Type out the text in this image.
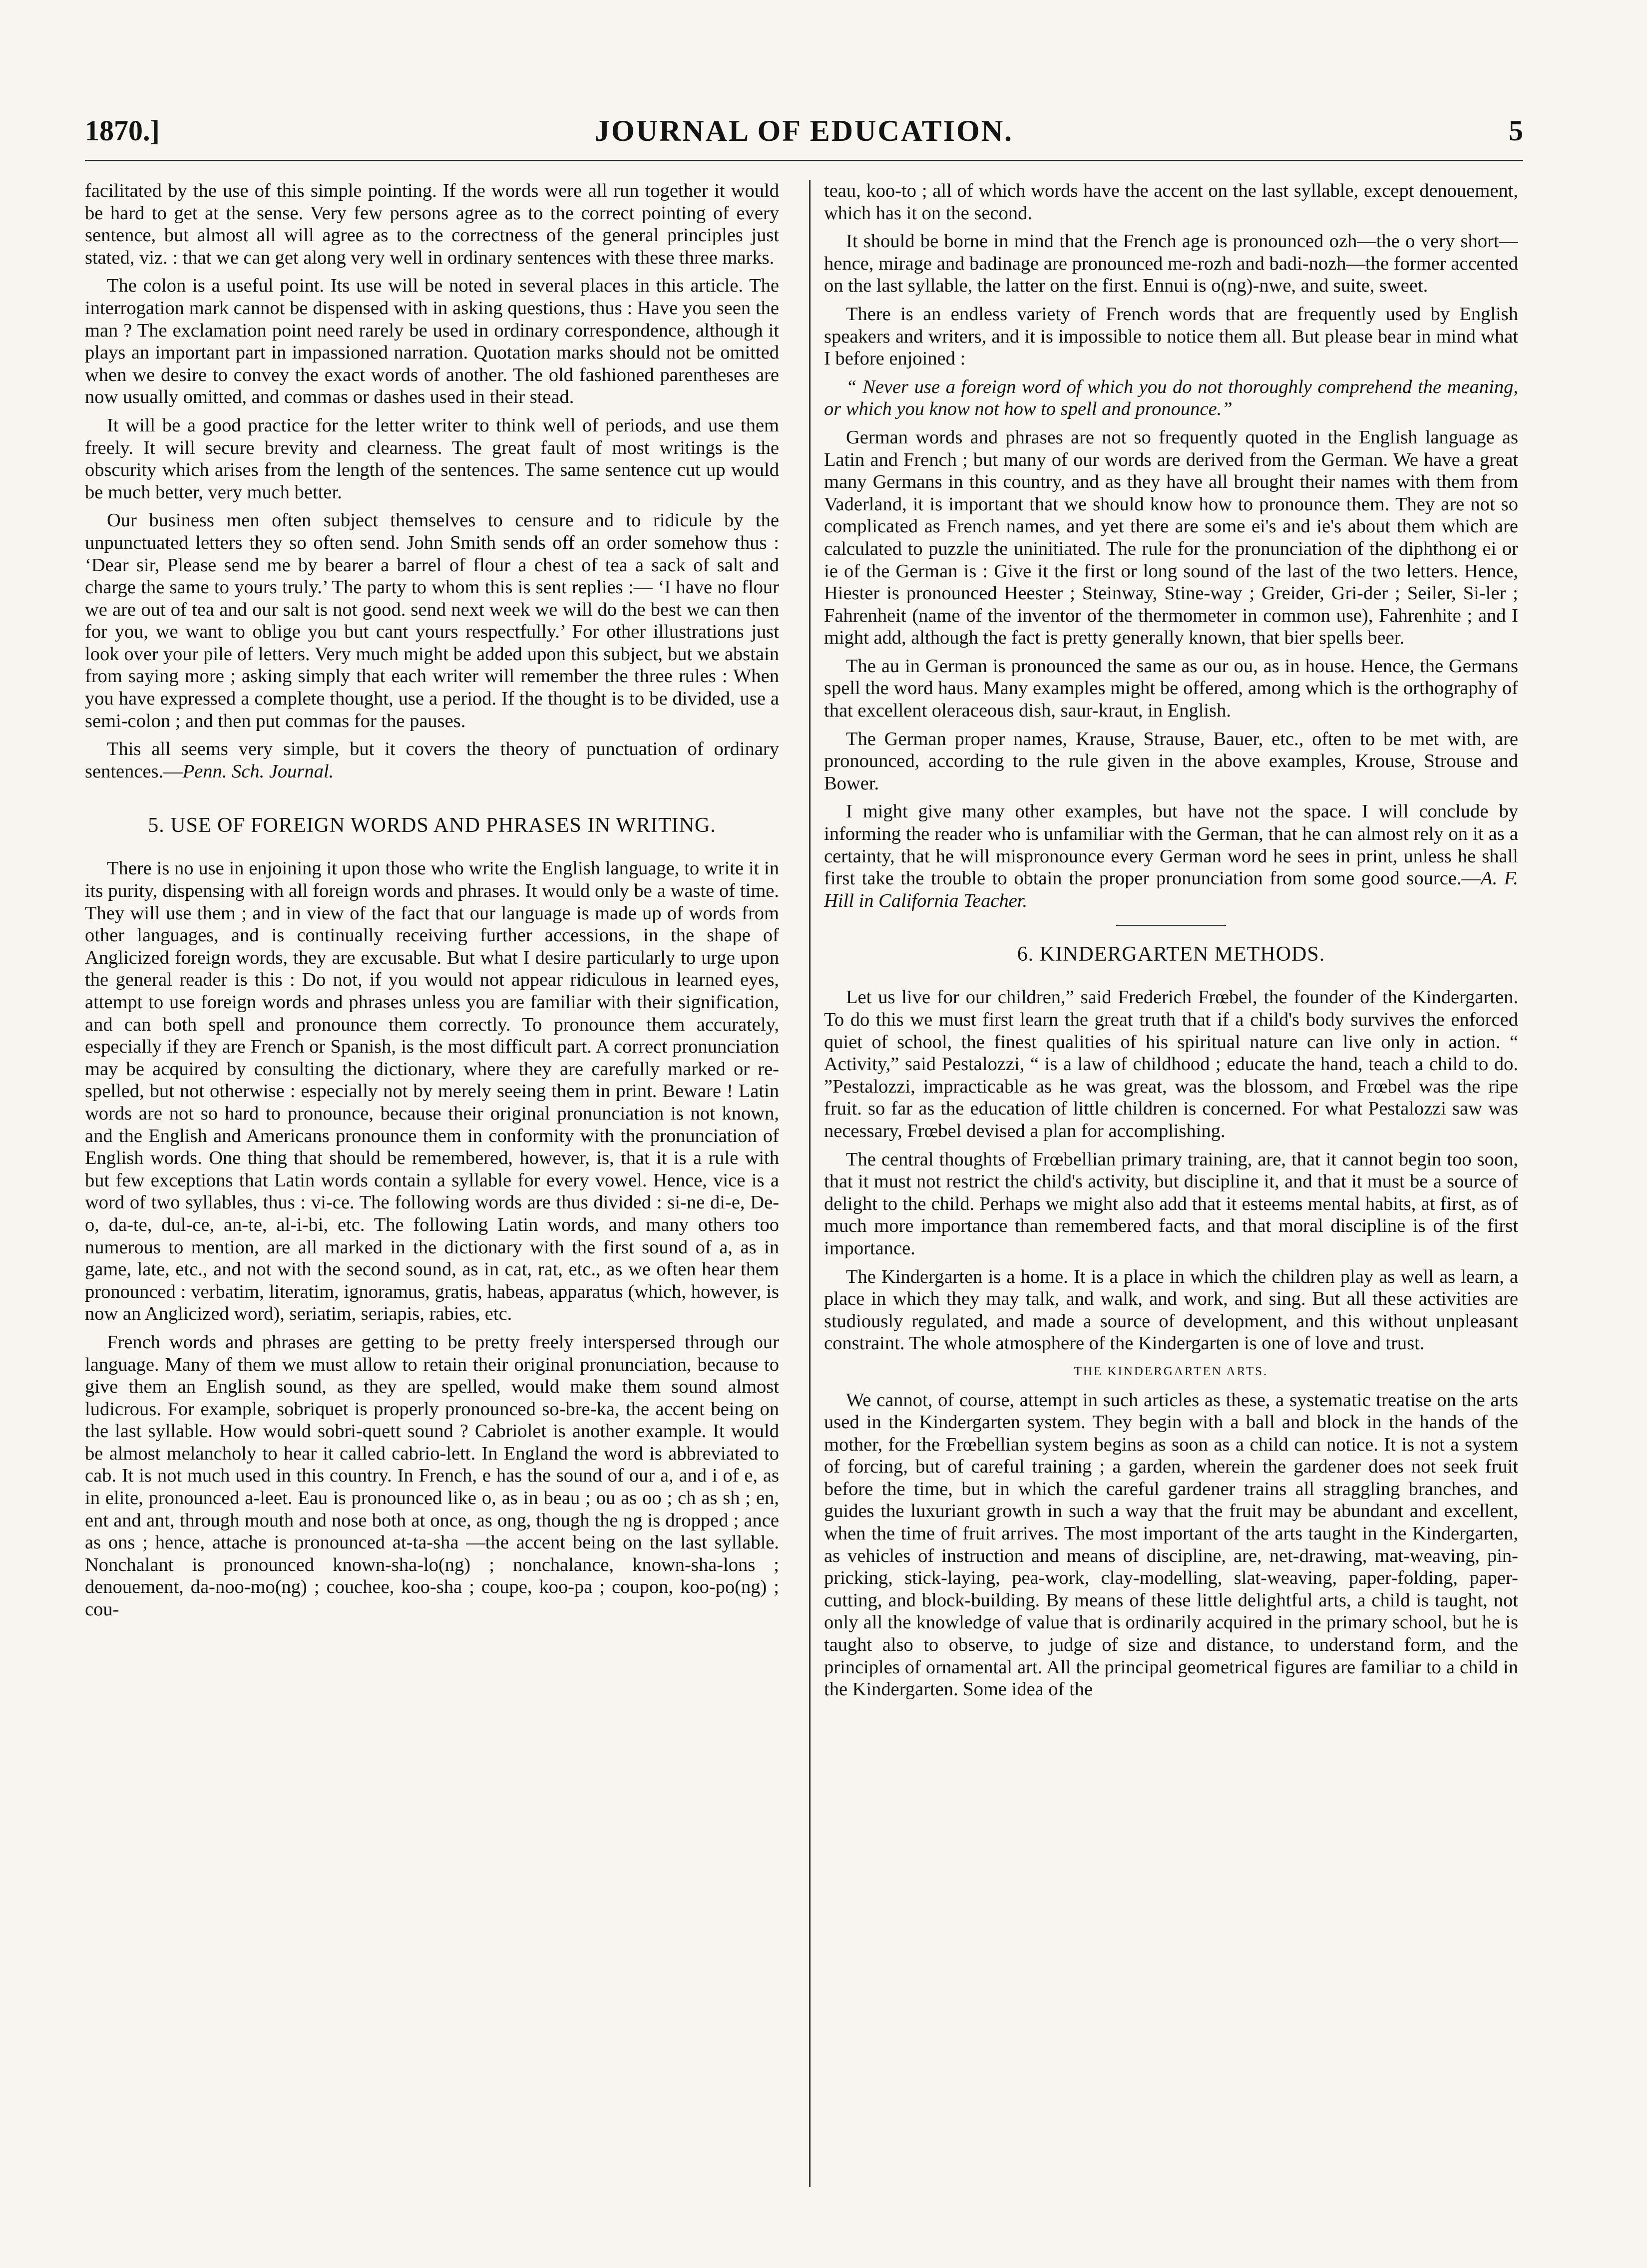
1870.]	JOURNAL OF EDUCATION.	5

facilitated by the use of this simple pointing. If the words were all run together it would be hard to get at the sense. Very few persons agree as to the correct pointing of every sentence, but almost all will agree as to the correctness of the general principles just stated, viz. : that we can get along very well in ordinary sentences with these three marks.

The colon is a useful point. Its use will be noted in several places in this article. The interrogation mark cannot be dispensed with in asking questions, thus : Have you seen the man ? The exclamation point need rarely be used in ordinary correspondence, although it plays an important part in impassioned narration. Quotation marks should not be omitted when we desire to convey the exact words of another. The old fashioned parentheses are now usually omitted, and commas or dashes used in their stead.

It will be a good practice for the letter writer to think well of periods, and use them freely. It will secure brevity and clearness. The great fault of most writings is the obscurity which arises from the length of the sentences. The same sentence cut up would be much better, very much better.

Our business men often subject themselves to censure and to ridicule by the unpunctuated letters they so often send. John Smith sends off an order somehow thus : ‘Dear sir, Please send me by bearer a barrel of flour a chest of tea a sack of salt and charge the same to yours truly.’ The party to whom this is sent replies :— ‘I have no flour we are out of tea and our salt is not good. send next week we will do the best we can then for you, we want to oblige you but cant yours respectfully.’ For other illustrations just look over your pile of letters. Very much might be added upon this subject, but we abstain from saying more ; asking simply that each writer will remember the three rules : When you have expressed a complete thought, use a period. If the thought is to be divided, use a semi-colon ; and then put commas for the pauses.

This all seems very simple, but it covers the theory of punctuation of ordinary sentences.—Penn. Sch. Journal.

5. USE OF FOREIGN WORDS AND PHRASES IN WRITING.

There is no use in enjoining it upon those who write the English language, to write it in its purity, dispensing with all foreign words and phrases. It would only be a waste of time. They will use them ; and in view of the fact that our language is made up of words from other languages, and is continually receiving further accessions, in the shape of Anglicized foreign words, they are excusable. But what I desire particularly to urge upon the general reader is this : Do not, if you would not appear ridiculous in learned eyes, attempt to use foreign words and phrases unless you are familiar with their signification, and can both spell and pronounce them correctly. To pronounce them accurately, especially if they are French or Spanish, is the most difficult part. A correct pronunciation may be acquired by consulting the dictionary, where they are carefully marked or re-spelled, but not otherwise : especially not by merely seeing them in print. Beware ! Latin words are not so hard to pronounce, because their original pronunciation is not known, and the English and Americans pronounce them in conformity with the pronunciation of English words. One thing that should be remembered, however, is, that it is a rule with but few exceptions that Latin words contain a syllable for every vowel. Hence, vice is a word of two syllables, thus : vi-ce. The following words are thus divided : si-ne di-e, De-o, da-te, dul-ce, an-te, al-i-bi, etc. The following Latin words, and many others too numerous to mention, are all marked in the dictionary with the first sound of a, as in game, late, etc., and not with the second sound, as in cat, rat, etc., as we often hear them pronounced : verbatim, literatim, ignoramus, gratis, habeas, apparatus (which, however, is now an Anglicized word), seriatim, seriapis, rabies, etc.

French words and phrases are getting to be pretty freely interspersed through our language. Many of them we must allow to retain their original pronunciation, because to give them an English sound, as they are spelled, would make them sound almost ludicrous. For example, sobriquet is properly pronounced so-bre-ka, the accent being on the last syllable. How would sobri-quett sound ? Cabriolet is another example. It would be almost melancholy to hear it called cabrio-lett. In England the word is abbreviated to cab. It is not much used in this country. In French, e has the sound of our a, and i of e, as in elite, pronounced a-leet. Eau is pronounced like o, as in beau ; ou as oo ; ch as sh ; en, ent and ant, through mouth and nose both at once, as ong, though the ng is dropped ; ance as ons ; hence, attache is pronounced at-ta-sha —the accent being on the last syllable. Nonchalant is pronounced known-sha-lo(ng) ; nonchalance, known-sha-lons ; denouement, da-noo-mo(ng) ; couchee, koo-sha ; coupe, koo-pa ; coupon, koo-po(ng) ; cou-

teau, koo-to ; all of which words have the accent on the last syllable, except denouement, which has it on the second.

It should be borne in mind that the French age is pronounced ozh—the o very short—hence, mirage and badinage are pronounced me-rozh and badi-nozh—the former accented on the last syllable, the latter on the first. Ennui is o(ng)-nwe, and suite, sweet.

There is an endless variety of French words that are frequently used by English speakers and writers, and it is impossible to notice them all. But please bear in mind what I before enjoined :

“ Never use a foreign word of which you do not thoroughly comprehend the meaning, or which you know not how to spell and pronounce.”

German words and phrases are not so frequently quoted in the English language as Latin and French ; but many of our words are derived from the German. We have a great many Germans in this country, and as they have all brought their names with them from Vaderland, it is important that we should know how to pronounce them. They are not so complicated as French names, and yet there are some ei's and ie's about them which are calculated to puzzle the uninitiated. The rule for the pronunciation of the diphthong ei or ie of the German is : Give it the first or long sound of the last of the two letters. Hence, Hiester is pronounced Heester ; Steinway, Stine-way ; Greider, Gri-der ; Seiler, Si-ler ; Fahrenheit (name of the inventor of the thermometer in common use), Fahrenhite ; and I might add, although the fact is pretty generally known, that bier spells beer.

The au in German is pronounced the same as our ou, as in house. Hence, the Germans spell the word haus. Many examples might be offered, among which is the orthography of that excellent oleraceous dish, saur-kraut, in English.

The German proper names, Krause, Strause, Bauer, etc., often to be met with, are pronounced, according to the rule given in the above examples, Krouse, Strouse and Bower.

I might give many other examples, but have not the space. I will conclude by informing the reader who is unfamiliar with the German, that he can almost rely on it as a certainty, that he will mispronounce every German word he sees in print, unless he shall first take the trouble to obtain the proper pronunciation from some good source.—A. F. Hill in California Teacher.

6. KINDERGARTEN METHODS.

Let us live for our children,” said Frederich Frœbel, the founder of the Kindergarten. To do this we must first learn the great truth that if a child's body survives the enforced quiet of school, the finest qualities of his spiritual nature can live only in action. “ Activity,” said Pestalozzi, “ is a law of childhood ; educate the hand, teach a child to do. ”Pestalozzi, impracticable as he was great, was the blossom, and Frœbel was the ripe fruit. so far as the education of little children is concerned. For what Pestalozzi saw was necessary, Frœbel devised a plan for accomplishing.

The central thoughts of Frœbellian primary training, are, that it cannot begin too soon, that it must not restrict the child's activity, but discipline it, and that it must be a source of delight to the child. Perhaps we might also add that it esteems mental habits, at first, as of much more importance than remembered facts, and that moral discipline is of the first importance.

The Kindergarten is a home. It is a place in which the children play as well as learn, a place in which they may talk, and walk, and work, and sing. But all these activities are studiously regulated, and made a source of development, and this without unpleasant constraint. The whole atmosphere of the Kindergarten is one of love and trust.

THE KINDERGARTEN ARTS.

We cannot, of course, attempt in such articles as these, a systematic treatise on the arts used in the Kindergarten system. They begin with a ball and block in the hands of the mother, for the Frœbellian system begins as soon as a child can notice. It is not a system of forcing, but of careful training ; a garden, wherein the gardener does not seek fruit before the time, but in which the careful gardener trains all straggling branches, and guides the luxuriant growth in such a way that the fruit may be abundant and excellent, when the time of fruit arrives. The most important of the arts taught in the Kindergarten, as vehicles of instruction and means of discipline, are, net-drawing, mat-weaving, pin-pricking, stick-laying, pea-work, clay-modelling, slat-weaving, paper-folding, paper-cutting, and block-building. By means of these little delightful arts, a child is taught, not only all the knowledge of value that is ordinarily acquired in the primary school, but he is taught also to observe, to judge of size and distance, to understand form, and the principles of ornamental art. All the principal geometrical figures are familiar to a child in the Kindergarten. Some idea of the
